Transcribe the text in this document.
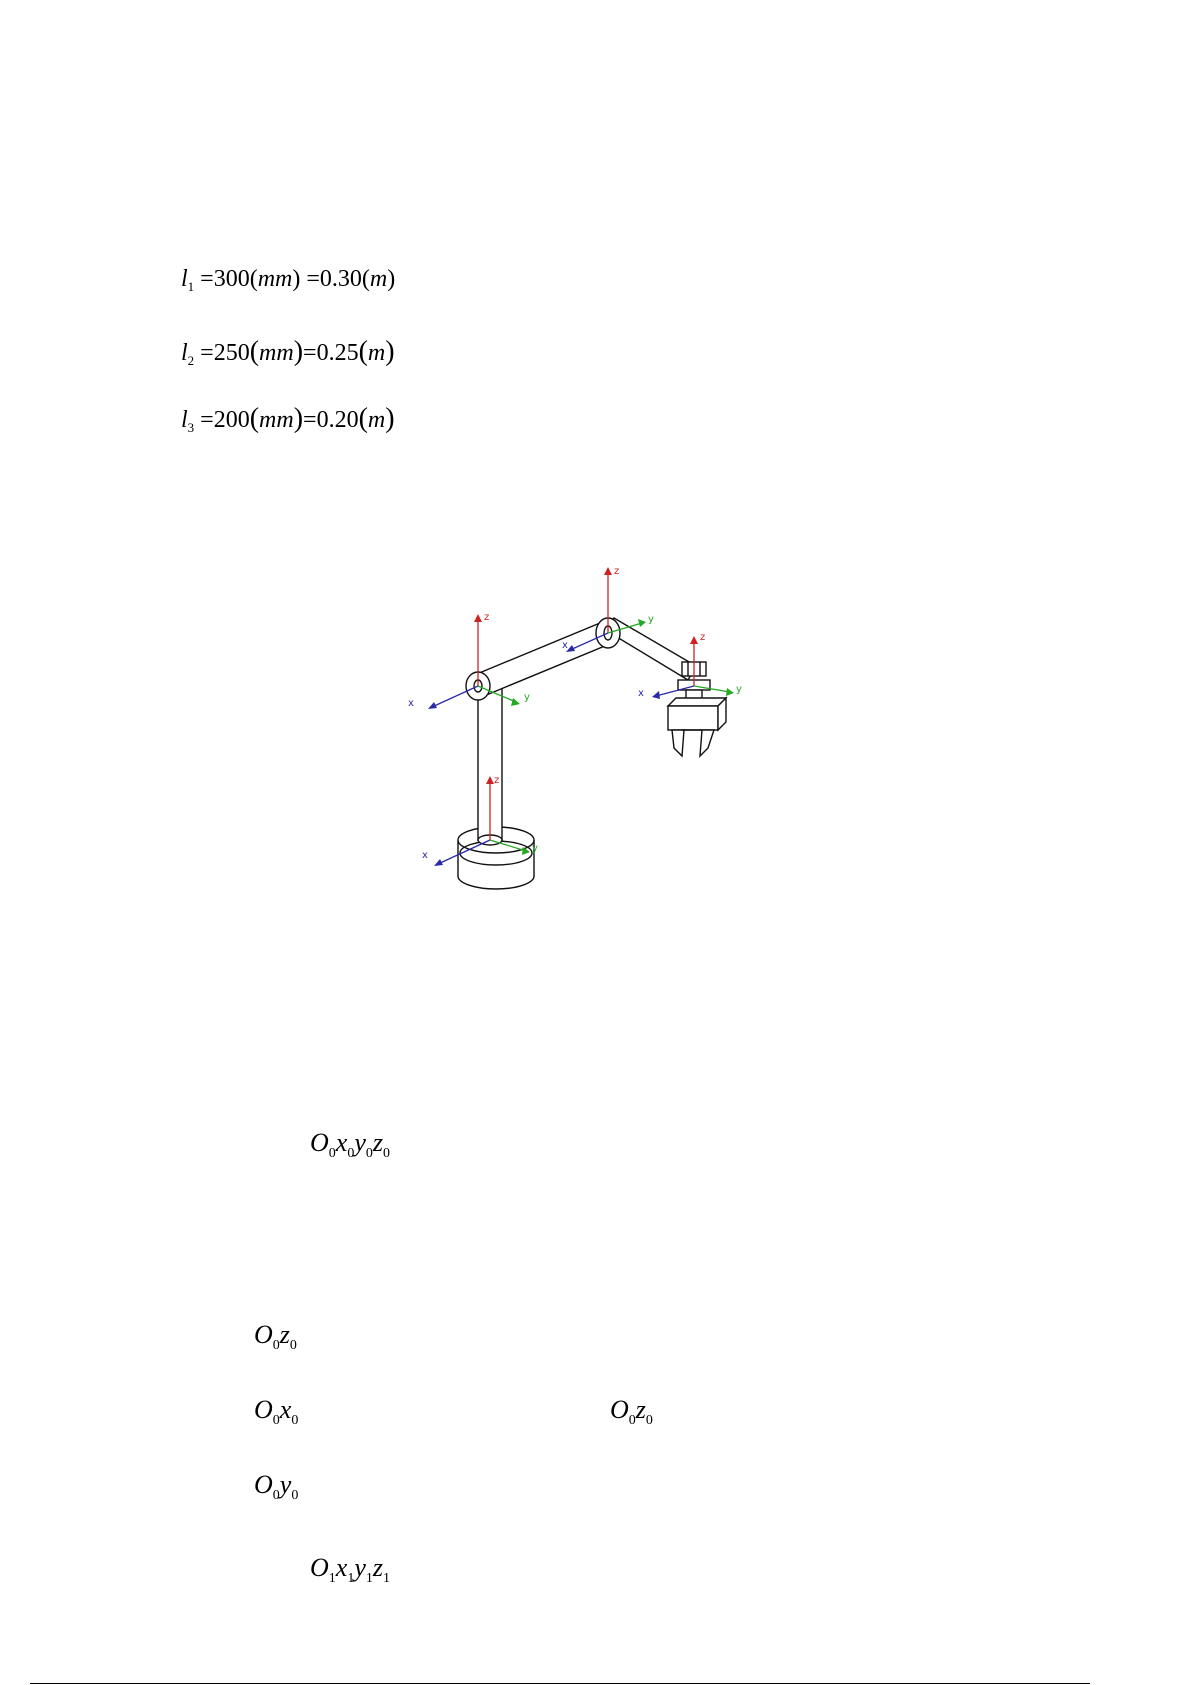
$l_1 =300(mm) =0.30(m)$
$l_2 =250(mm)=0.25(m)$
$l_3 =200(mm)=0.20(m)$
z
x
y
z
x
y
z
x
y
z
x	y
$O_0x_0y_0z_0$
$O_0z_0$
$O_0x_0$	$O_0z_0$
$O_0y_0$
$O_1x_1y_1z_1$
